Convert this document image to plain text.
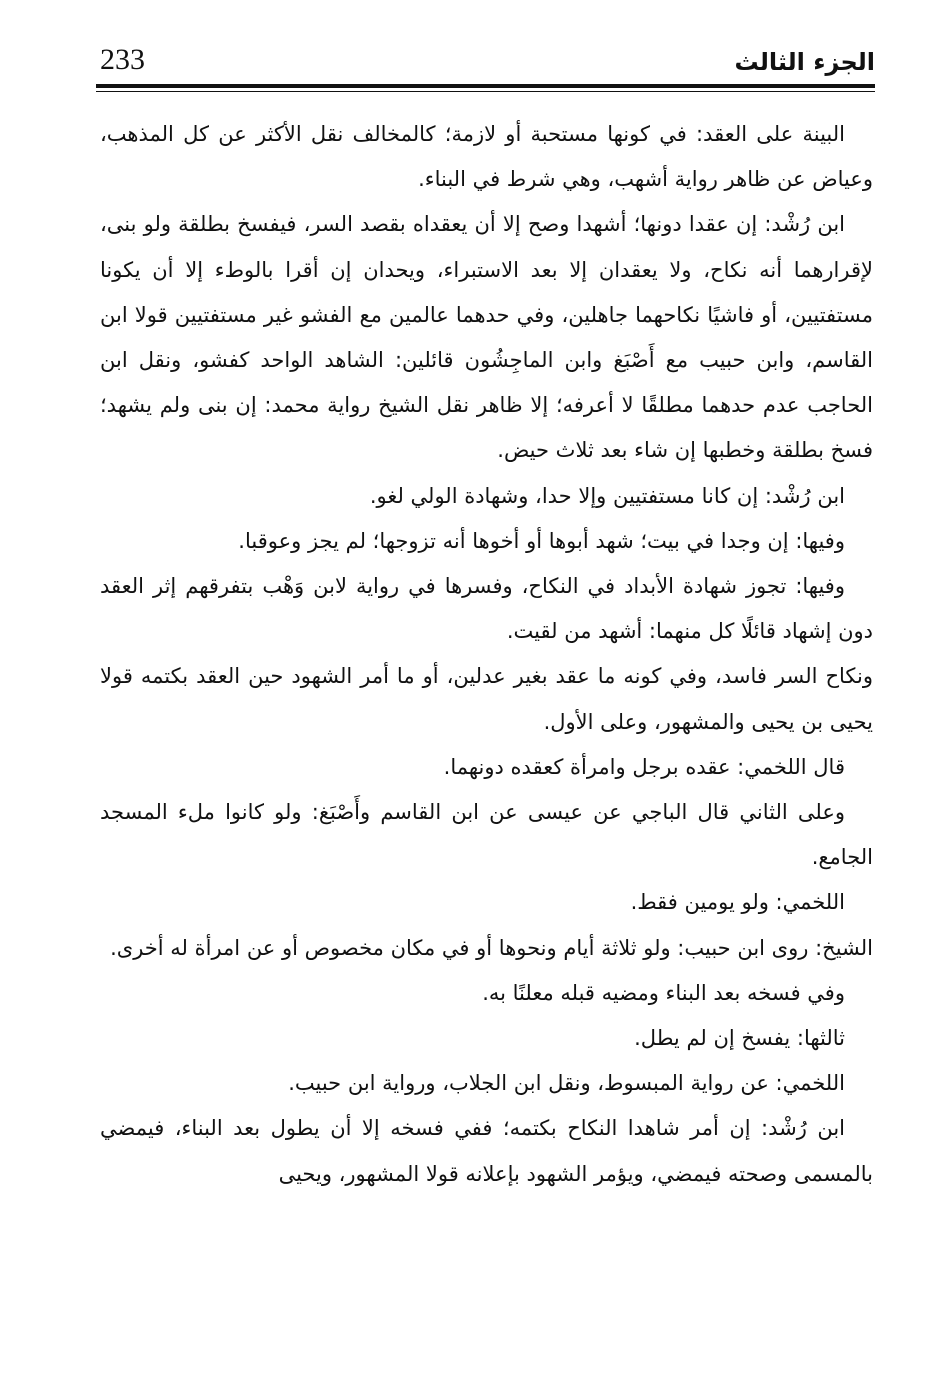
233	الجزء الثالث

البينة على العقد: في كونها مستحبة أو لازمة؛ كالمخالف نقل الأكثر عن كل المذهب، وعياض عن ظاهر رواية أشهب، وهي شرط في البناء.

ابن رُشْد: إن عقدا دونها؛ أشهدا وصح إلا أن يعقداه بقصد السر، فيفسخ بطلقة ولو بنى، لإقرارهما أنه نكاح، ولا يعقدان إلا بعد الاستبراء، ويحدان إن أقرا بالوطء إلا أن يكونا مستفتيين، أو فاشيًا نكاحهما جاهلين، وفي حدهما عالمين مع الفشو غير مستفتيين قولا ابن القاسم، وابن حبيب مع أَصْبَغ وابن الماجِشُون قائلين: الشاهد الواحد كفشو، ونقل ابن الحاجب عدم حدهما مطلقًا لا أعرفه؛ إلا ظاهر نقل الشيخ رواية محمد: إن بنى ولم يشهد؛ فسخ بطلقة وخطبها إن شاء بعد ثلاث حيض.

ابن رُشْد: إن كانا مستفتيين وإلا حدا، وشهادة الولي لغو.

وفيها: إن وجدا في بيت؛ شهد أبوها أو أخوها أنه تزوجها؛ لم يجز وعوقبا.

وفيها: تجوز شهادة الأبداد في النكاح، وفسرها في رواية لابن وَهْب بتفرقهم إثر العقد دون إشهاد قائلًا كل منهما: أشهد من لقيت.

ونكاح السر فاسد، وفي كونه ما عقد بغير عدلين، أو ما أمر الشهود حين العقد بكتمه قولا يحيى بن يحيى والمشهور، وعلى الأول.

قال اللخمي: عقده برجل وامرأة كعقده دونهما.

وعلى الثاني قال الباجي عن عيسى عن ابن القاسم وأَصْبَغ: ولو كانوا ملء المسجد الجامع.

اللخمي: ولو يومين فقط.

الشيخ: روى ابن حبيب: ولو ثلاثة أيام ونحوها أو في مكان مخصوص أو عن امرأة له أخرى.

وفي فسخه بعد البناء ومضيه قبله معلنًا به.

ثالثها: يفسخ إن لم يطل.

اللخمي: عن رواية المبسوط، ونقل ابن الجلاب، ورواية ابن حبيب.

ابن رُشْد: إن أمر شاهدا النكاح بكتمه؛ ففي فسخه إلا أن يطول بعد البناء، فيمضي بالمسمى وصحته فيمضي، ويؤمر الشهود بإعلانه قولا المشهور، ويحيى
